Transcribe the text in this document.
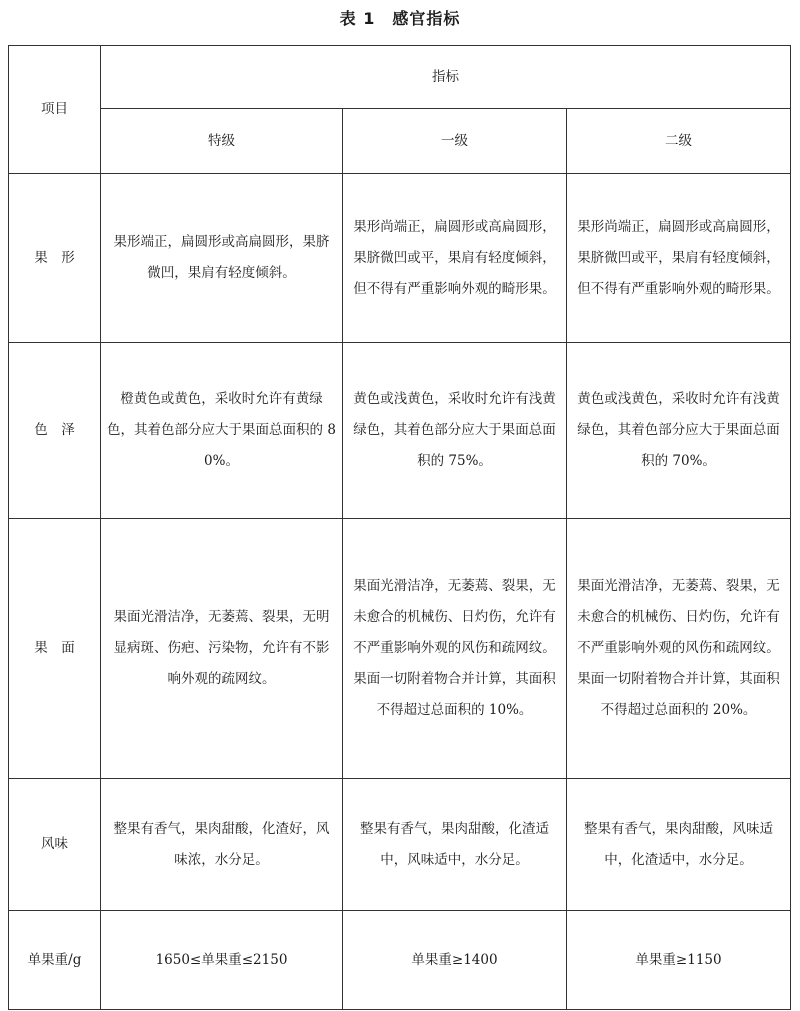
表 1　感官指标
项目	指标		
	特级	一级	二级
果　形	果形端正，扁圆形或高扁圆形，果脐微凹，果肩有轻度倾斜。	果形尚端正，扁圆形或高扁圆形，果脐微凹或平，果肩有轻度倾斜，但不得有严重影响外观的畸形果。	果形尚端正，扁圆形或高扁圆形，果脐微凹或平，果肩有轻度倾斜，但不得有严重影响外观的畸形果。
色　泽	橙黄色或黄色，采收时允许有黄绿色，其着色部分应大于果面总面积的 80%。	黄色或浅黄色，采收时允许有浅黄绿色，其着色部分应大于果面总面积的 75%。	黄色或浅黄色，采收时允许有浅黄绿色，其着色部分应大于果面总面积的 70%。
果　面	果面光滑洁净，无萎蔫、裂果，无明显病斑、伤疤、污染物，允许有不影响外观的疏网纹。	果面光滑洁净，无萎蔫、裂果，无未愈合的机械伤、日灼伤，允许有不严重影响外观的风伤和疏网纹。果面一切附着物合并计算，其面积不得超过总面积的 10%。	果面光滑洁净，无萎蔫、裂果，无未愈合的机械伤、日灼伤，允许有不严重影响外观的风伤和疏网纹。果面一切附着物合并计算，其面积不得超过总面积的 20%。
风味	整果有香气，果肉甜酸，化渣好，风味浓，水分足。	整果有香气，果肉甜酸，化渣适中，风味适中，水分足。	整果有香气，果肉甜酸，风味适中，化渣适中，水分足。
单果重/g	1650≤单果重≤2150	单果重≥1400	单果重≥1150
